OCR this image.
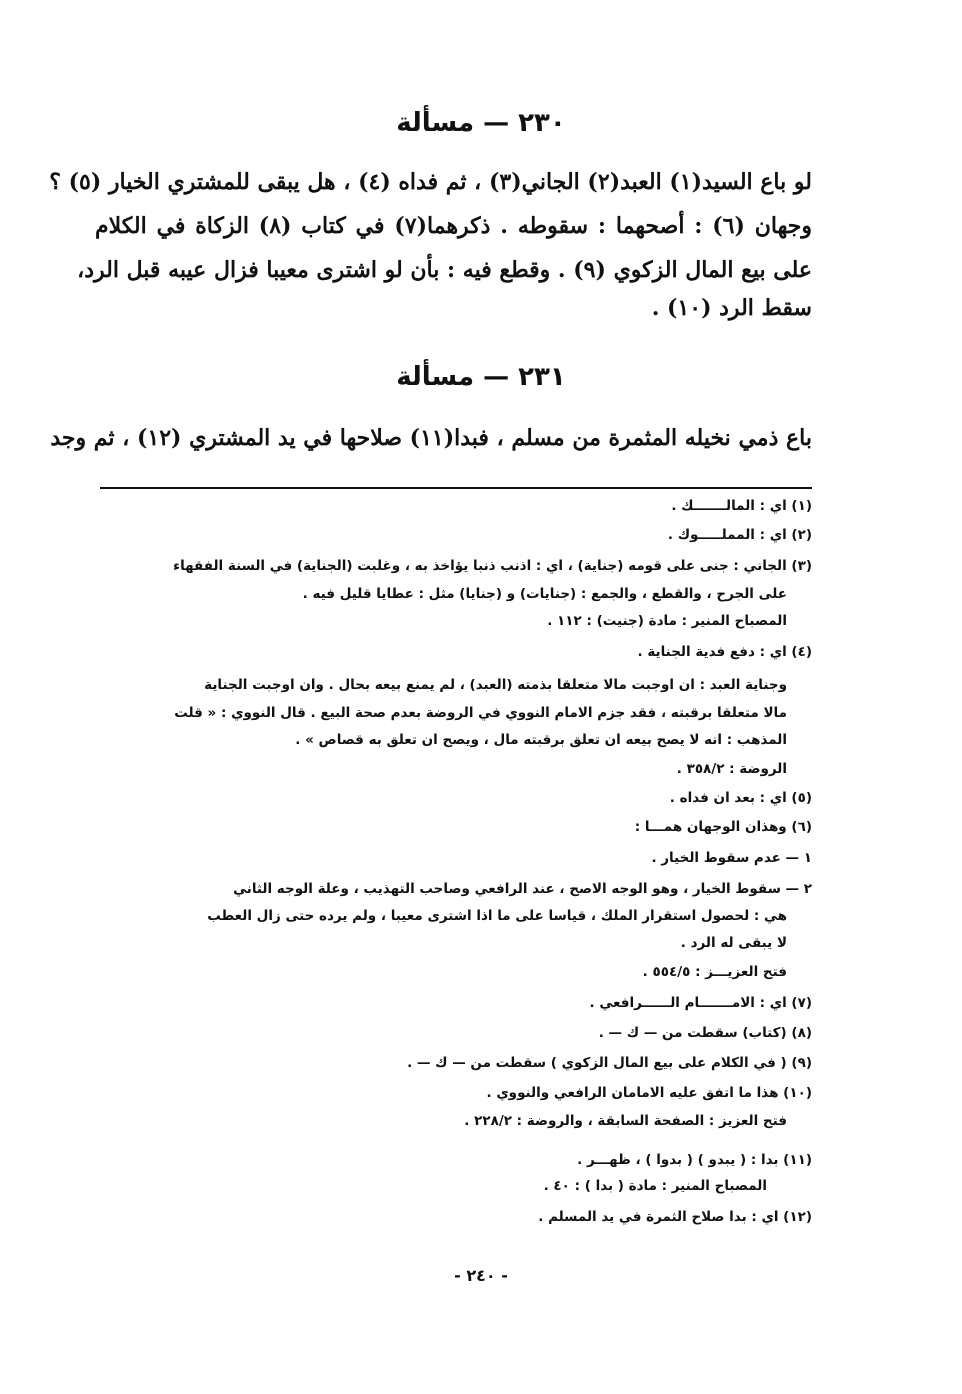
٢٣٠ — مسألة
لو باع السيد(١) العبد(٢) الجاني(٣) ، ثم فداه (٤) ، هل يبقى للمشتري الخيار (٥) ؟
وجهان (٦) : أصحهما : سقوطه . ذكرهما(٧) في كتاب (٨) الزكاة في الكلام
على بيع المال الزكوي (٩) . وقطع فيه : بأن لو اشترى معيبا فزال عيبه قبل الرد،
سقط الرد (١٠) .
٢٣١ — مسألة
باع ذمي نخيله المثمرة من مسلم ، فبدا(١١) صلاحها في يد المشتري (١٢) ، ثم وجد
(١) اي : المالـــــــك .
(٢) اي : المملـــــوك .
(٣) الجاني : جنى على قومه (جناية) ، اي : اذنب ذنبا يؤاخذ به ، وغلبت (الجناية) في السنة الفقهاء
على الجرح ، والقطع ، والجمع : (جنايات) و (جنايا) مثل : عطايا قليل فيه .
المصباح المنير : مادة (جنيت) : ١١٢ .
(٤) اي : دفع فدية الجناية .
وجناية العبد : ان اوجبت مالا متعلقا بذمته (العبد) ، لم يمنع بيعه بحال . وان اوجبت الجناية
مالا متعلقا برقبته ، فقد جزم الامام النووي في الروضة بعدم صحة البيع . قال النووي : « قلت
المذهب : انه لا يصح بيعه ان تعلق برقبته مال ، ويصح ان تعلق به قصاص » .
الروضة : ٣٥٨/٢ .
(٥) اي : بعد ان فداه .
(٦) وهذان الوجهان همـــا :
١ — عدم سقوط الخيار .
٢ — سقوط الخيار ، وهو الوجه الاصح ، عند الرافعي وصاحب التهذيب ، وعلة الوجه الثاني
هي : لحصول استقرار الملك ، قياسا على ما اذا اشترى معيبا ، ولم يرده حتى زال العطب
لا يبقى له الرد .
فتح العزيـــز : ٥٥٤/٥ .
(٧) اي : الامـــــــام الــــــرافعي .
(٨) (كتاب) سقطت من — ك — .
(٩) ( في الكلام على بيع المال الزكوي ) سقطت من — ك — .
(١٠) هذا ما اتفق عليه الامامان الرافعي والنووي .
فتح العزيز : الصفحة السابقة ، والروضة : ٢٢٨/٢ .
(١١) بدا : ( يبدو ) ( بدوا ) ، ظهـــر .
المصباح المنير : مادة ( بدا ) : ٤٠ .
(١٢) اي : بدا صلاح الثمرة في يد المسلم .
- ٢٤٠ -
